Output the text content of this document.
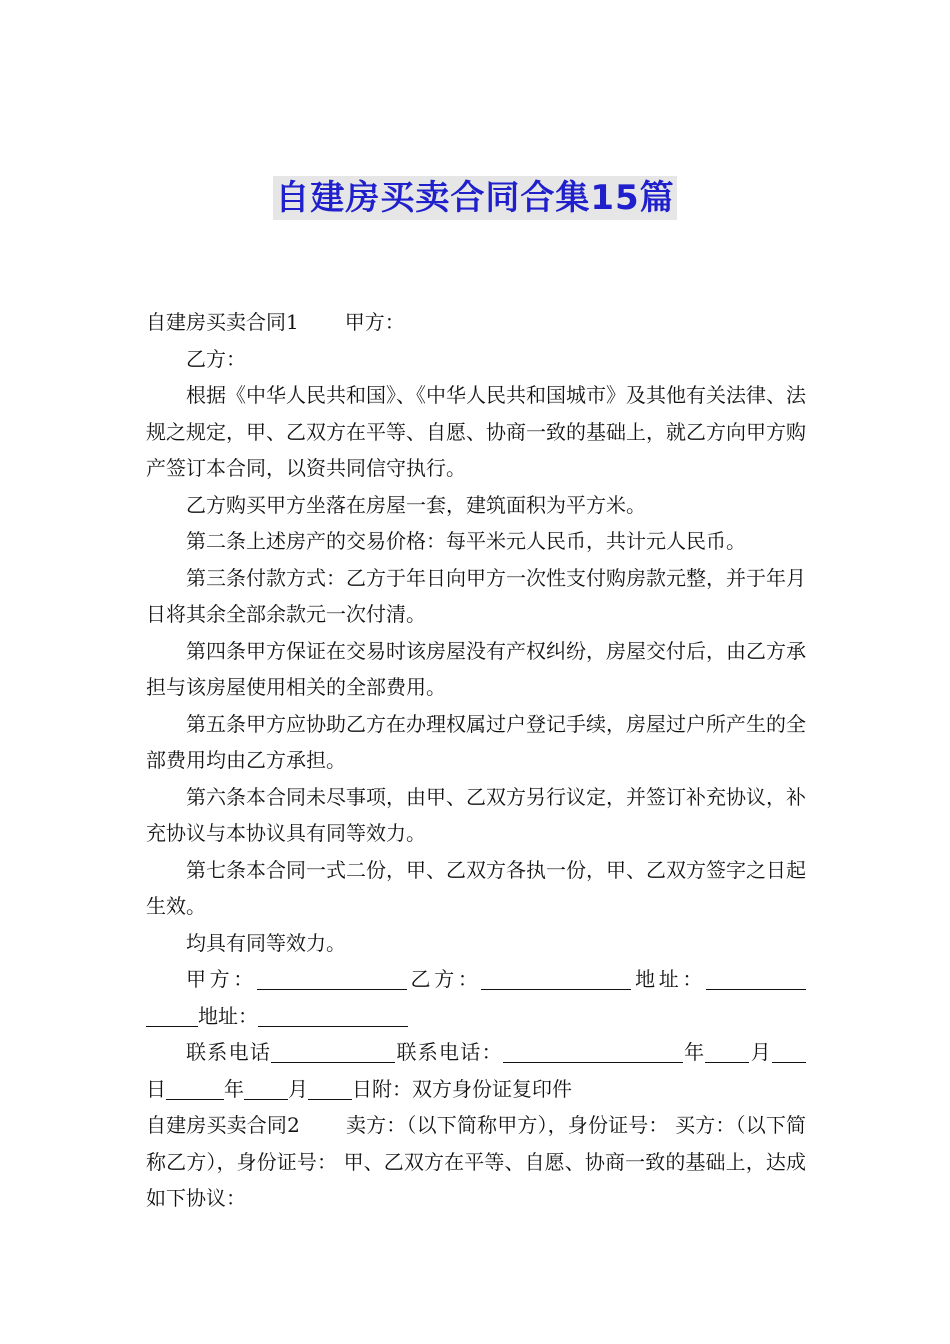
自建房买卖合同合集15篇

自建房买卖合同1 甲方：

乙方：

根据《中华人民共和国》、《中华人民共和国城市》及其他有关法律、法规之规定，甲、乙双方在平等、自愿、协商一致的基础上，就乙方向甲方购产签订本合同，以资共同信守执行。

乙方购买甲方坐落在房屋一套，建筑面积为平方米。

第二条上述房产的交易价格：每平米元人民币，共计元人民币。

第三条付款方式：乙方于年日向甲方一次性支付购房款元整，并于年月日将其余全部余款元一次付清。

第四条甲方保证在交易时该房屋没有产权纠纷，房屋交付后，由乙方承担与该房屋使用相关的全部费用。

第五条甲方应协助乙方在办理权属过户登记手续，房屋过户所产生的全部费用均由乙方承担。

第六条本合同未尽事项，由甲、乙双方另行议定，并签订补充协议，补充协议与本协议具有同等效力。

第七条本合同一式二份，甲、乙双方各执一份，甲、乙双方签字之日起生效。

均具有同等效力。

甲方：	乙方：	地址：地址：

联系电话	联系电话：	年 月日	年 月 日附：双方身份证复印件

自建房买卖合同2 卖方：（以下简称甲方），身份证号： 买方：（以下简称乙方），身份证号： 甲、乙双方在平等、自愿、协商一致的基础上，达成如下协议：
